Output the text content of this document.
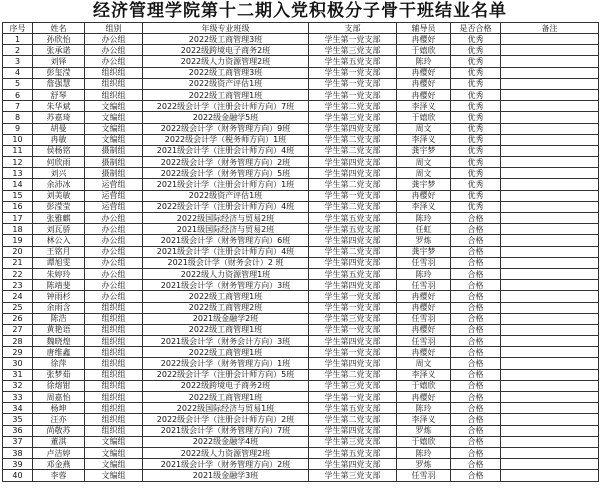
经济管理学院第十二期入党积极分子骨干班结业名单
序号	姓名	组别	年级专业班级	支部	辅导员	是否合格	备注
1	孙欣怡	办公组	2022级工商管理3班	学生第一党支部	冉樱好	优秀	
2	张承诺	办公组	2022级跨境电子商务2班	学生第三党支部	于嬉欣	优秀	
3	刘铎	办公组	2022级人力资源管理2班	学生第五党支部	陈玲	优秀	
4	彭玺滢	组织组	2022级工商管理3班	学生第一党支部	冉樱好	优秀	
5	詹强慧	组织组	2022级资产评估1班	学生第一党支部	冉樱好	优秀	
6	舒琴	组织组	2022级工商管理1班	学生第一党支部	冉樱好	优秀	
7	朱华斌	文编组	2022级会计学（注册会计师方向）7班	学生第二党支部	李泽义	优秀	
8	苏嘉琦	文编组	2022级金融学5班	学生第三党支部	于嬉欣	优秀	
9	胡曼	文编组	2022级会计学（财务管理方向）9班	学生第四党支部	周文	优秀	
10	冉敏	文编组	2022级会计学（税务师方向）1班	学生第二党支部	李泽义	优秀	
11	侯杨铭	摄制组	2021级会计学（注册会计师方向）4班	学生第二党支部	龚宇梦	优秀	
12	何欣雨	摄制组	2022级会计学（财务管理方向）2班	学生第四党支部	周文	优秀	
13	刘兴	摄制组	2022级会计学（财务管理方向）5班	学生第四党支部	周文	优秀	
14	余沛冰	运营组	2021级会计学（注册会计师方向）1班	学生第二党支部	龚宇梦	优秀	
15	刘美敏	运营组	2022级资产评估1班	学生第一党支部	冉樱好	优秀	
16	彭滢莹	运营组	2022级会计学（注册会计师方向）4班	学生第二党支部	李泽义	优秀	
17	张雅麒	办公组	2022级国际经济与贸易2班	学生第五党支部	陈玲	合格	
18	刘瓦骄	办公组	2021级国际经济与贸易2班	学生第五党支部	任虹	合格	
19	林公入	办公组	2021级会计学（财务管理方向）6班	学生第四党支部	罗炼	合格	
20	王铭月	办公组	2021级会计学（注册会计师方向）4班	学生第二党支部	龚宇梦	合格	
21	谭旭雯	办公组	2021级会计学（财务会计）2 班	学生第四党支部	任雪羽	合格	
22	朱婷玲	办公组	2022级人力资源管理1班	学生第五党支部	陈玲	合格	
23	陈靖斐	办公组	2021级会计学（财务管理方向）3班	学生第四党支部	任雪羽	合格	
24	钟雨杉	办公组	2022级工商管理1班	学生第一党支部	冉樱好	合格	
25	余雨含	组织组	2022级工商管理2班	学生第一党支部	冉樱好	合格	
26	陈浩	组织组	2021级金融学2班	学生第三党支部	任雪羽	合格	
27	黄艳语	组织组	2022级工商管理1班	学生第一党支部	冉樱好	合格	
28	魏晓煌	组织组	2021级会计学（财务会计方向）3班	学生第四党支部	任雪羽	合格	
29	唐维鑫	组织组	2022级工商管理1班	学生第一党支部	冉樱好	合格	
30	徐萍	组织组	2022级会计学（财务管理方向）1班	学生第四党支部	周文	合格	
31	张梦茹	组织组	2022级会计学（注册会计师方向）5班	学生第二党支部	李泽义	合格	
32	徐熔钳	组织组	2022级跨境电子商务2班	学生第三党支部	于嬉欣	合格	
33	周嘉怡	组织组	2022级工商管理1班	学生第一党支部	冉樱好	合格	
34	杨坤	组织组	2022级国际经济与贸易1班	学生第五党支部	陈玲	合格	
35	汪亦	组织组	2022级会计学（注册会计师方向）2班	学生第二党支部	李泽义	合格	
36	尚敬苏	组织组	2021级会计学（财务管理方向）7班	学生第四党支部	罗炼	合格	
37	董淇	文编组	2022级金融学4班	学生第三党支部	于嬉欣	合格	
38	卢洁婷	文编组	2022级人力资源管理2班	学生第五党支部	陈玲	合格	
39	邓金燕	文编组	2021级会计学（财务管理方向）2班	学生第四党支部	罗炼	合格	
40	李蓉	文编组	2021级金融学3班	学生第三党支部	任雪羽	合格	
